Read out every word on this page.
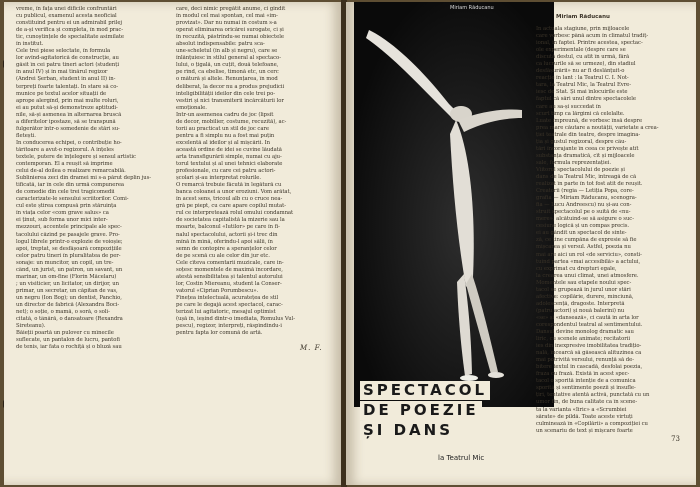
vreme, în fața unei dificile confruntări
cu publicul, examenul acesta neoficial
constituind pentru ei un admirabil prilej
de a-și verifica și completa, în mod prac-
tic, cunoștințele de specialitate asimilate
în institut.
Cele trei piese selectate, în formula
lor avînd-agitatorică de construcție, au
găsit în cei patru tineri actori (studenți
în anul IV) și în mai tînărul regizor
(Andrei Șerban, student în anul II) in-
terpreți foarte talentați. În stare să co-
munice pe textul acelor situații de
aprope alergînd, prin mai multe roluri,
ei au putut să-și demonstreze aptitudi-
nile, să-și asmenea în alternarea bruscă
a diferitelor ipostaze, să se transpună
fulgerător într-o somedenie de stări su-
fletești.
În conducerea echipei, o contribuție ho-
tărîtoare a avut-o regizorul. A înțeles
textele, putere de înțelegere și sensul artistic
contemporan. El a reușit să imprime
celui de-al doilea o realizare remarcabilă.
Sublinierea zeci din dramei mi s-a părut deplin jus-
tificată, iar în cele din urmă compunerea
de comedie din cele trei tragicomedii
caracterizate-le sensului scriitorilor. Comi-
cul este știrea compusă prin stăruința
în viața celor «com grave salus» ca
ei ținut, sub forma unor mici inter-
mezzouri, accentele principale ale spec-
tacolului căzînd pe pasajele grave. Pro-
logul librele printr-o explozie de voioșie;
apoi, treptat, se desfășoară compozițiile
celor patru tineri în pluralitatea de per-
sonaje: un muncitor, un copil, un tre-
când, un jurist, un patron, un savant, un
marinar, un om-fine (Florin Măcelaru)
; un visiticier, un licitator, un dirijor, un
primar, un secretar, un căpitan de vas,
un negru (Ion Bog); un dentist, Panchio,
un director de fabrică (Alexandra Boci-
net); o soție, o mamă, o soră, o soli-
citată, o tânără, o dansatoare (Rexandra
Sireteanu).
Băieții poartă un pulover cu mînecile
suflecate, un pantalon de lucru, pantofi
de tenis, iar fata o rochiță și o bluză sau
care, deci nimic pregătit anume, ci gîndit
în modul cel mai spontan, cel mai «im-
provizat». Dar nu numai în costum s-a
operat eliminarea oricărei surogate, ci și
în recuzită, păstrîndu-se numai obiectele
absolut indispensabile: patru sca-
une-scheletul (în alb și negru), care se
înlănțuiesc în stilul general al spectaco-
lului, o țigală, un cuțit, două telefoane,
pe rînd, ca ebelise, timonă etc, un cerc
o mătură și altele. Renunțarea, în mod
deliberat, la decor nu a produs prejudicii
inteligibilității ideilor din cele trei po-
vestiri și nici transmiterii încărcăturii lor
emoționale.
Într-un asemenea cadru de joc (lipsit
de decor, mobilier, costume, recuzită), ac-
torii au practicat un stil de joc care
pentru a fi simplu nu a fost mai puțin
excelentă al ideilor și al mișcării. În
această ordine de idei se cuvine lăudată
arta transfigurării simple, numai cu aju-
torul textului și al unei tehnici elaborate
profesionale, cu care cei patru actori-
școlari și-au interpretat rolurile.
O remarcă trebuie făcută în legătură cu
banca coloanei a unor eroziuni. Vom arătat,
în acest sens, tricoul alb cu o cruce nea-
gră pe piept, cu care apare copilul mutat-
rul ce interpretează rolul omului condamnat
de societatea capitalistă la mizerie sau la
moarte, balconul «Iutilor» pe care în fi-
nalul spectacolului, actorii și-i trec din
mînă în mînă, oferindu-l apoi sălii, în
semn de contopire a speranțelor celor
de pe scenă cu ale celor din jur etc.
Cele cîteva comentarii muzicale, care in-
soțesc momentele de maximă încordare,
atestă sensibilitatea și talentul autorului
lor, Costin Miereanu, student la Conser-
vatorul «Ciprian Porumbescu».
Finețea intelectuală, acuratețea de stil
pe care le degajă acest spectacol, carac-
terizat lui agitatoric, mesajul optimist
(ușă în, ieșind dintr-o imediata, Romulus Vul-
pescu), regizor, interpreți, răspîndindu-i
pentru fapta lor comună de artă.
M. F.
Miriam Răducanu
Miriam Răducanu
În actuala stagiune, prin mijloacele
care vorbesc până acum în climatul tradiț-
ional, în faptei. Printre acestea, spectac-
ole experimentale (despre care se
discută destul, cu atît în urmă, fără
ca lucrurile să se urmeze), din stadiul
desfășurării» nu ar fi deslănțuit-o
reacție în lant : la Teatrul C. I. Not-
tara, la Teatrul Mic, la Teatrul Evre-
iesc de Stat. Și mai înlocuirile este
faptul că sări unul dintre spectacolele
care au sa-și succedat în
scurt timp ca lărgimi că celelalte.
Luate împreună, de vorbesc însă despre
prea mare căutare a noutății, varietate a crea-
ției teatrale din teatre, despre imagina-
ția și gustul regizoral, despre câu-
tări încorajante în ceea ce privește atît
substanța dramatică, cît și mijloacele
sale, formula reprezentației.
Viitorul spectacolului de poezie și
dans de la Teatrul Mic, întreagă de că
realizat în parte în tot fost atît de reușit.
Creatorii (regia — Letiția Popa, core-
grafia — Miriam Răducanu, scenogra-
fia — Lucu Andreescu) nu și-au con-
struit spectacolul pe o suită de «nu-
mere», alcătuind-se să asigure o suc-
cesiune logică și un compas precis.
ei au găndit un spectacol de sinte-
ză, ce ține cumpăna de expresie să fie
mișcarea și versul. Astfel, poezia nu
mai are aici un rol «de serviciu», consti-
tuind partea «mai accesibilă» a actului,
cu exprimat cu drepturi egale,
la crearea unui climat, unei atmosfere.
Momentele sau etapele noului spec-
tacol se grupează în jurul unor stări
afective: copilărie, durere, minciună,
adolescență, dragoste. Interpretă
(patru actori) și nouă balerini) nu
«se» și «dansează», ci caută în arta lor
corespondentul teatral al sentimentului.
Dansul devine monolog dramatic sau
liric, cu scenele animate; recitatorii
ies din inexpresive imobilitatea tradițio-
nală, încearcă să găsească alituzinea ca
mai potrivită versului, renunță să de-
bitere textul în cascadă, desfolai poezia,
fraza cu frază. Există în acest spec-
tacol o sporită intenție de a comunica
sporită și sentimente poezii și însufle-
țiri, tentative atentă activă, punctată cu un
umor fin, de buna calitate ca în scene-
ta la varianta «Iiric» a «Scrumbiei
sărate» de pildă. Toate aceste virtuți
culminează în «Copilării» a compoziției cu
un scenariu de text și mișcare foarte
SPECTACOL
DE POEZIE
ȘI DANS
la Teatrul Mic
73
